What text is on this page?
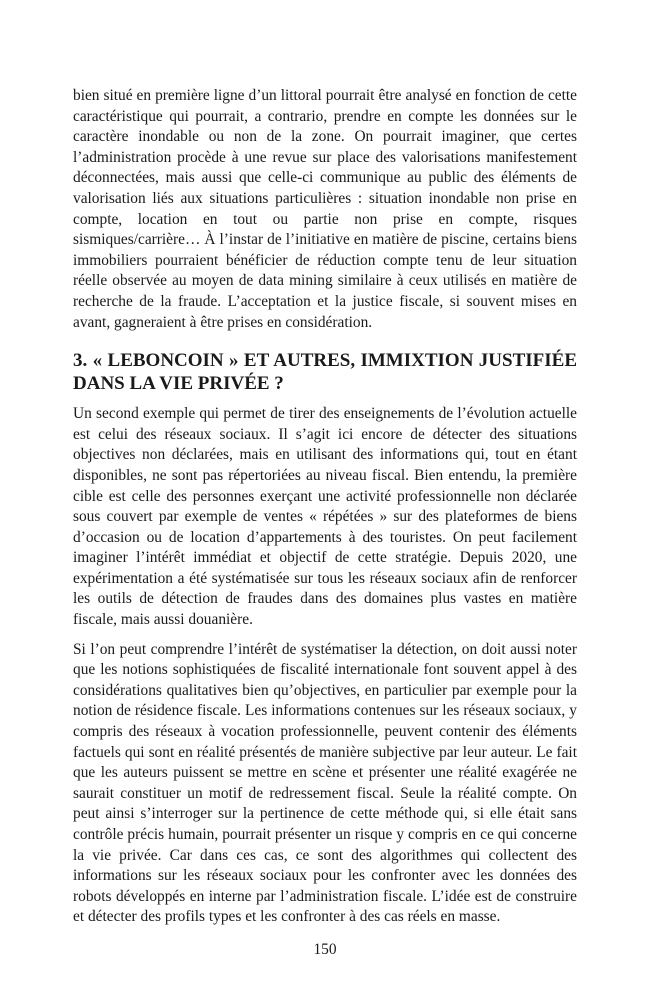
bien situé en première ligne d’un littoral pourrait être analysé en fonction de cette caractéristique qui pourrait, a contrario, prendre en compte les données sur le caractère inondable ou non de la zone. On pourrait imaginer, que certes l’administration procède à une revue sur place des valorisations manifestement déconnectées, mais aussi que celle-ci communique au public des éléments de valorisation liés aux situations particulières : situation inondable non prise en compte, location en tout ou partie non prise en compte, risques sismiques/carrière… À l’instar de l’initiative en matière de piscine, certains biens immobiliers pourraient bénéficier de réduction compte tenu de leur situation réelle observée au moyen de data mining similaire à ceux utilisés en matière de recherche de la fraude. L’acceptation et la justice fiscale, si souvent mises en avant, gagneraient à être prises en considération.

3. « LEBONCOIN » ET AUTRES, IMMIXTION JUSTIFIÉE DANS LA VIE PRIVÉE ?

Un second exemple qui permet de tirer des enseignements de l’évolution actuelle est celui des réseaux sociaux. Il s’agit ici encore de détecter des situations objectives non déclarées, mais en utilisant des informations qui, tout en étant disponibles, ne sont pas répertoriées au niveau fiscal. Bien entendu, la première cible est celle des personnes exerçant une activité professionnelle non déclarée sous couvert par exemple de ventes « répétées » sur des plateformes de biens d’occasion ou de location d’appartements à des touristes. On peut facilement imaginer l’intérêt immédiat et objectif de cette stratégie. Depuis 2020, une expérimentation a été systématisée sur tous les réseaux sociaux afin de renforcer les outils de détection de fraudes dans des domaines plus vastes en matière fiscale, mais aussi douanière.

Si l’on peut comprendre l’intérêt de systématiser la détection, on doit aussi noter que les notions sophistiquées de fiscalité internationale font souvent appel à des considérations qualitatives bien qu’objectives, en particulier par exemple pour la notion de résidence fiscale. Les informations contenues sur les réseaux sociaux, y compris des réseaux à vocation professionnelle, peuvent contenir des éléments factuels qui sont en réalité présentés de manière subjective par leur auteur. Le fait que les auteurs puissent se mettre en scène et présenter une réalité exagérée ne saurait constituer un motif de redressement fiscal. Seule la réalité compte. On peut ainsi s’interroger sur la pertinence de cette méthode qui, si elle était sans contrôle précis humain, pourrait présenter un risque y compris en ce qui concerne la vie privée. Car dans ces cas, ce sont des algorithmes qui collectent des informations sur les réseaux sociaux pour les confronter avec les données des robots développés en interne par l’administration fiscale. L’idée est de construire et détecter des profils types et les confronter à des cas réels en masse.

150
